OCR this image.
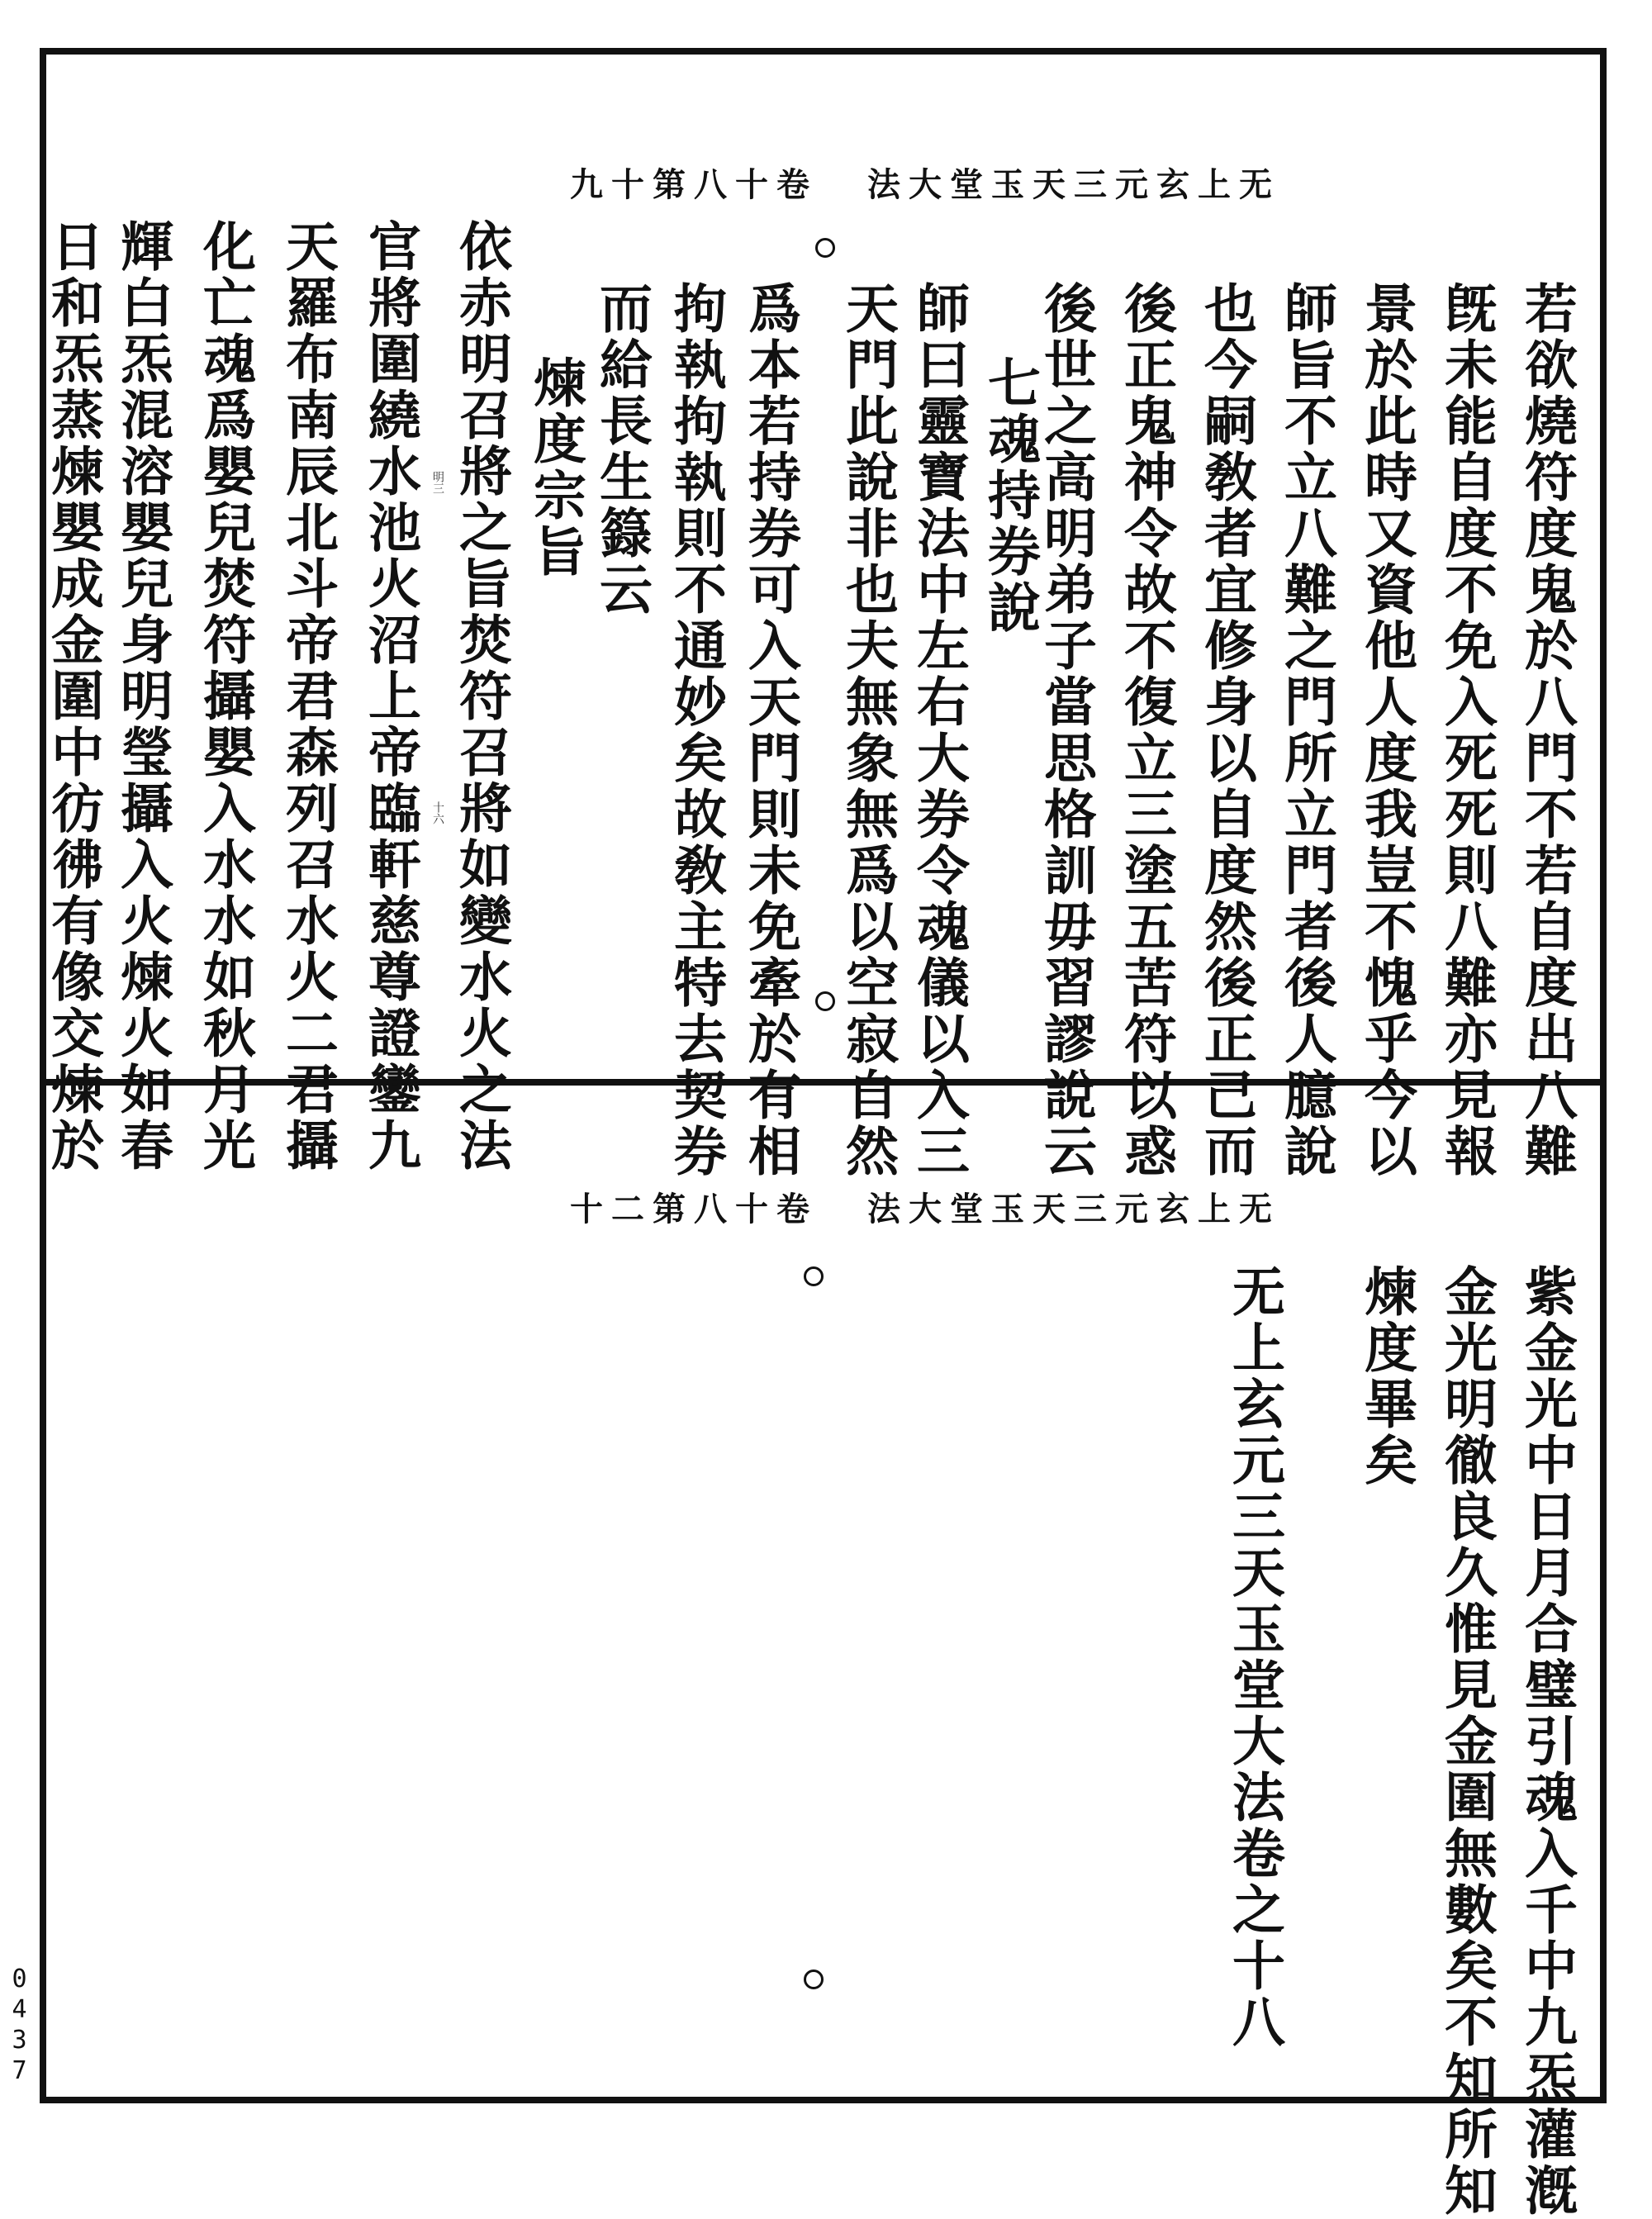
无上玄元三天玉堂大法卷十八第十九
若欲燒符度鬼於八門不若自度出八難
旣未能自度不免入死死則八難亦見報
景於此時又資他人度我豈不愧乎今以
師旨不立八難之門所立門者後人臆說
也今嗣敎者宜修身以自度然後正己而
後正鬼神令故不復立三塗五苦符以惑
後世之高明弟子當思格訓毋習謬說云
七魂持券說
師曰靈寶法中左右大券令魂儀以入三
天門此說非也夫無象無爲以空寂自然
爲本若持券可入天門則未免牽於有相
拘執拘執則不通妙矣故敎主特去契券
而給長生籙云
煉度宗旨
依赤明召將之旨焚符召將如變水火之法
官將圍繞水池火沼上帝臨軒慈尊證鑾九
天羅布南辰北斗帝君森列召水火二君攝
化亡魂爲嬰兒焚符攝嬰入水水如秋月光
輝白炁混溶嬰兒身明瑩攝入火煉火如春
日和炁蒸煉嬰成金圍中彷彿有像交煉於	明三
十六
无上玄元三天玉堂大法卷十八第二十
紫金光中日月合璧引魂入千中九炁灌漑
金光明徹良久惟見金圍無數矣不知所知
煉度畢矣
无上玄元三天玉堂大法卷之十八
0437
